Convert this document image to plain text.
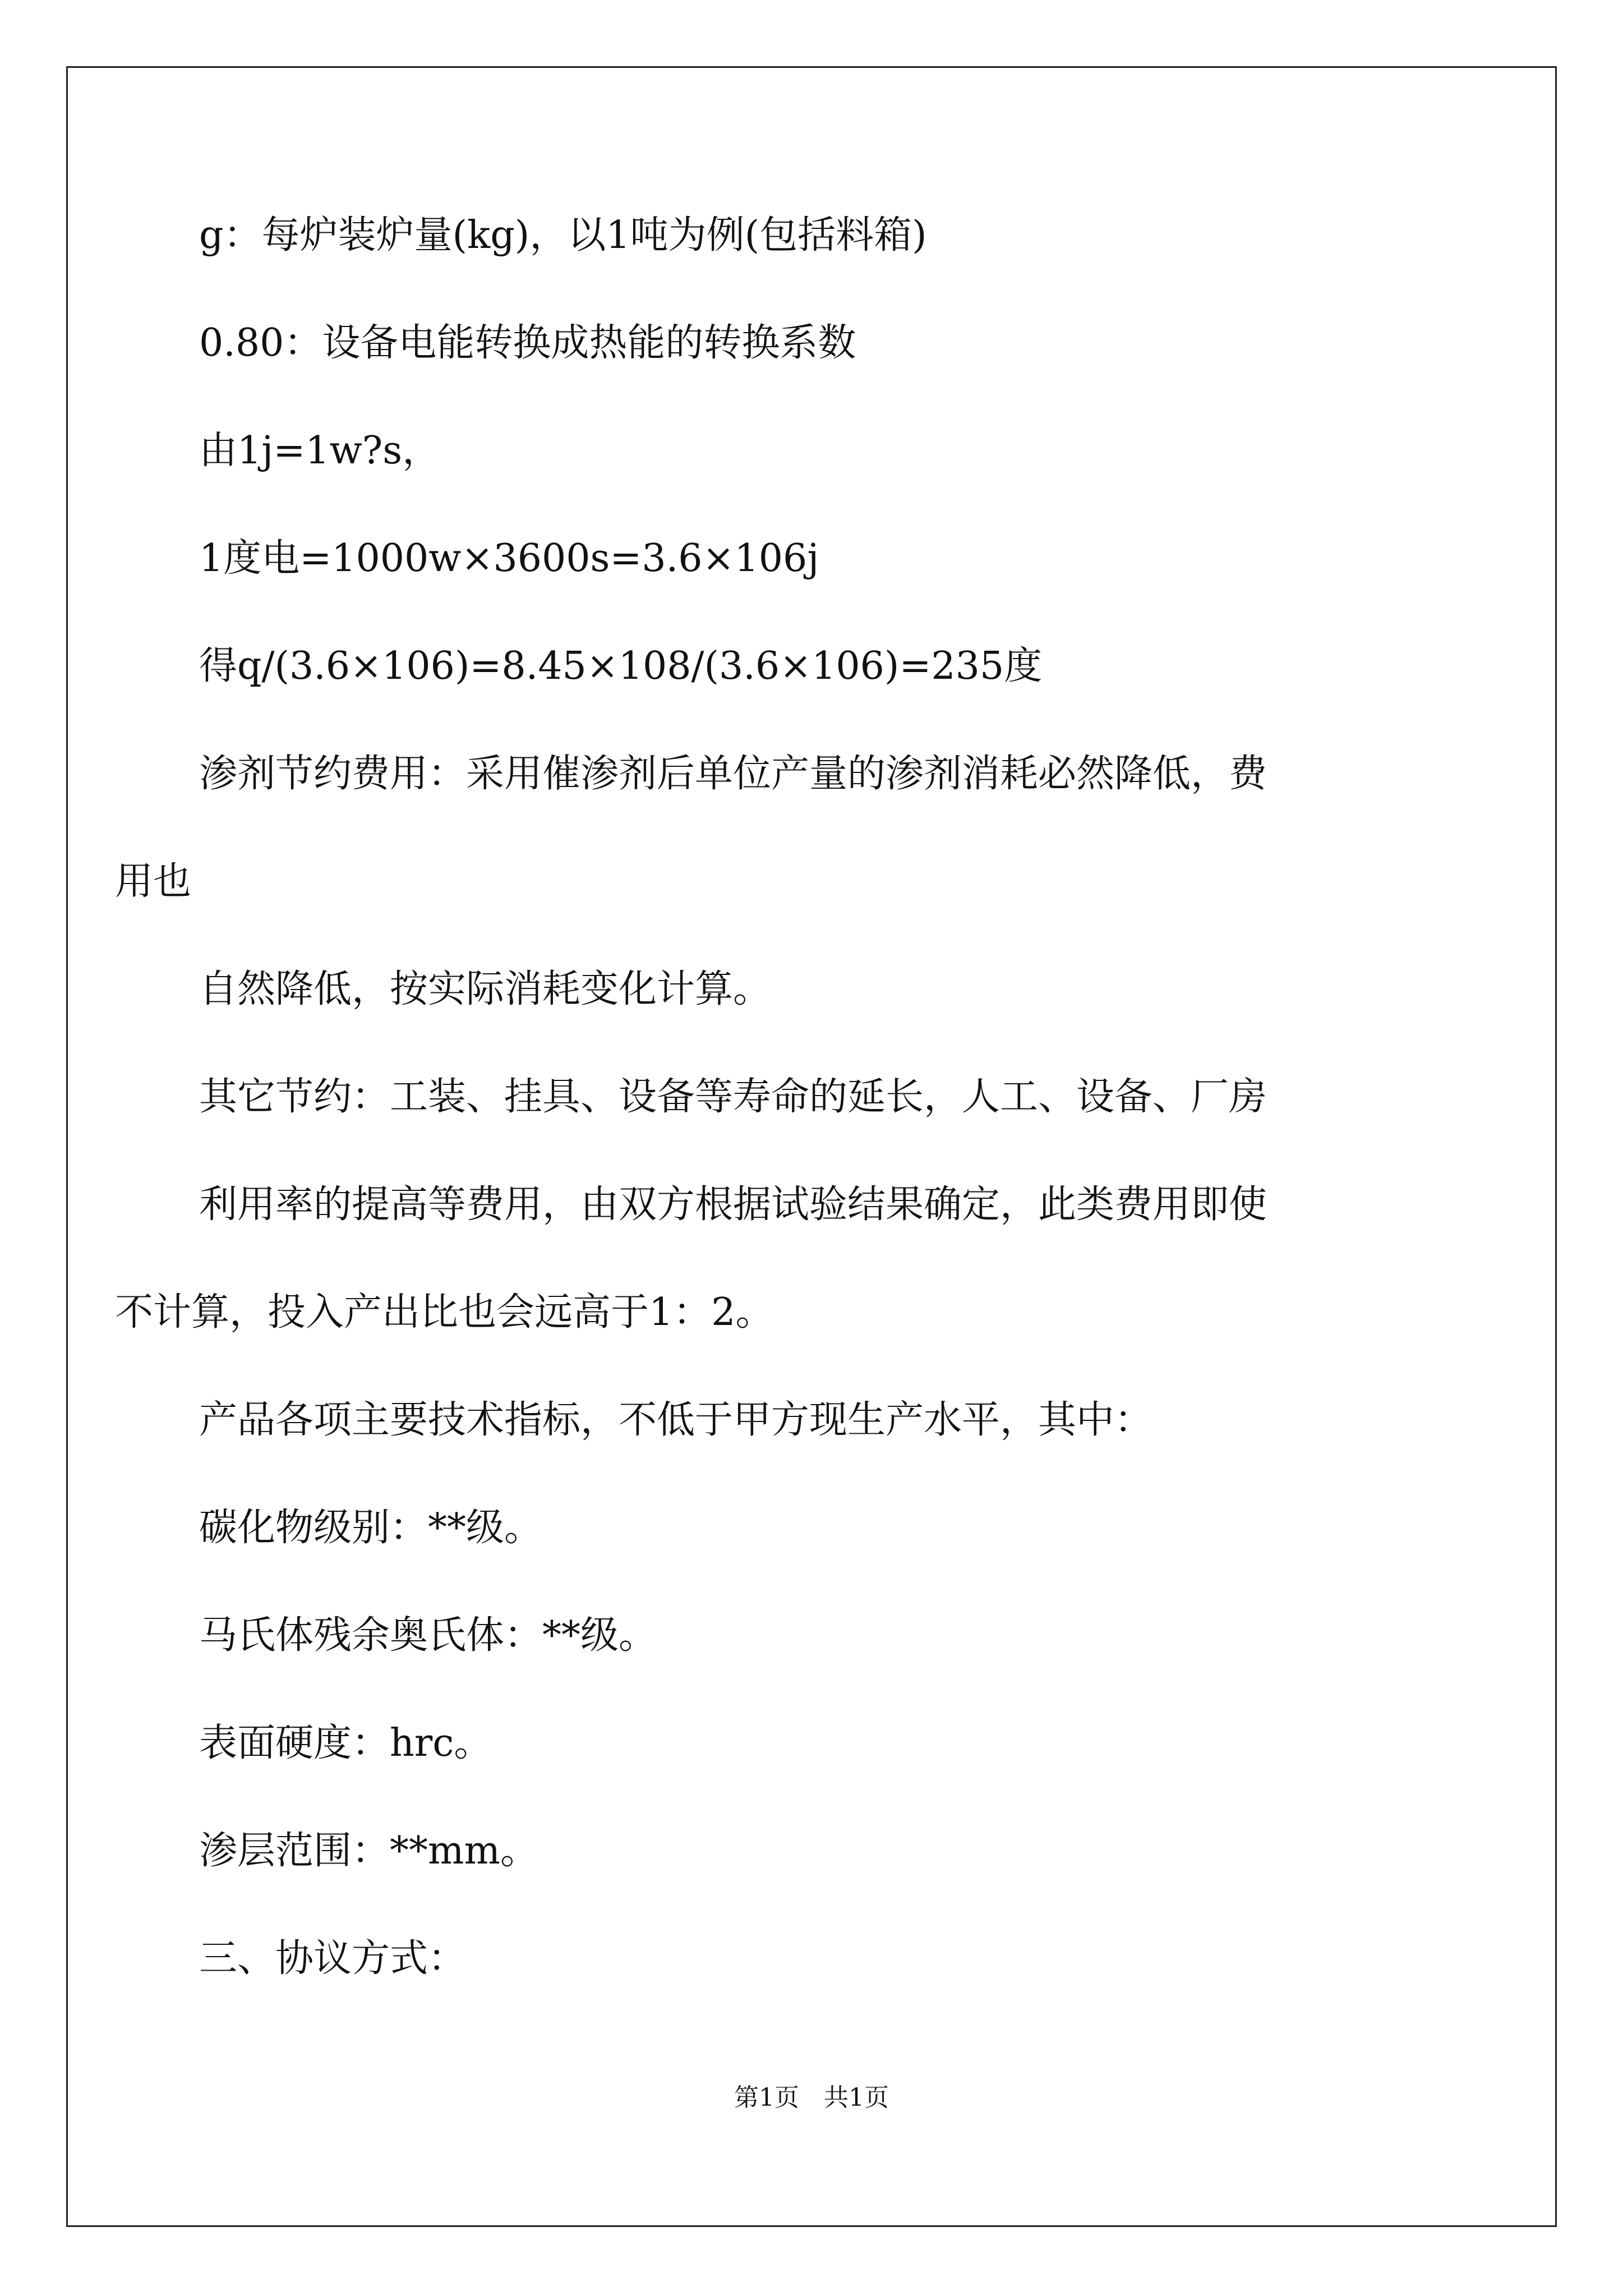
g：每炉装炉量(kg)，以1吨为例(包括料箱)
0.80：设备电能转换成热能的转换系数
由1j=1w?s，
1度电=1000w×3600s=3.6×106j
得q/(3.6×106)=8.45×108/(3.6×106)=235度
渗剂节约费用：采用催渗剂后单位产量的渗剂消耗必然降低，费
用也
自然降低，按实际消耗变化计算。
其它节约：工装、挂具、设备等寿命的延长，人工、设备、厂房
利用率的提高等费用，由双方根据试验结果确定，此类费用即使
不计算，投入产出比也会远高于1：2。
产品各项主要技术指标，不低于甲方现生产水平，其中：
碳化物级别：**级。
马氏体残余奥氏体：**级。
表面硬度：hrc。
渗层范围：**mm。
三、协议方式：
第1页　共1页
